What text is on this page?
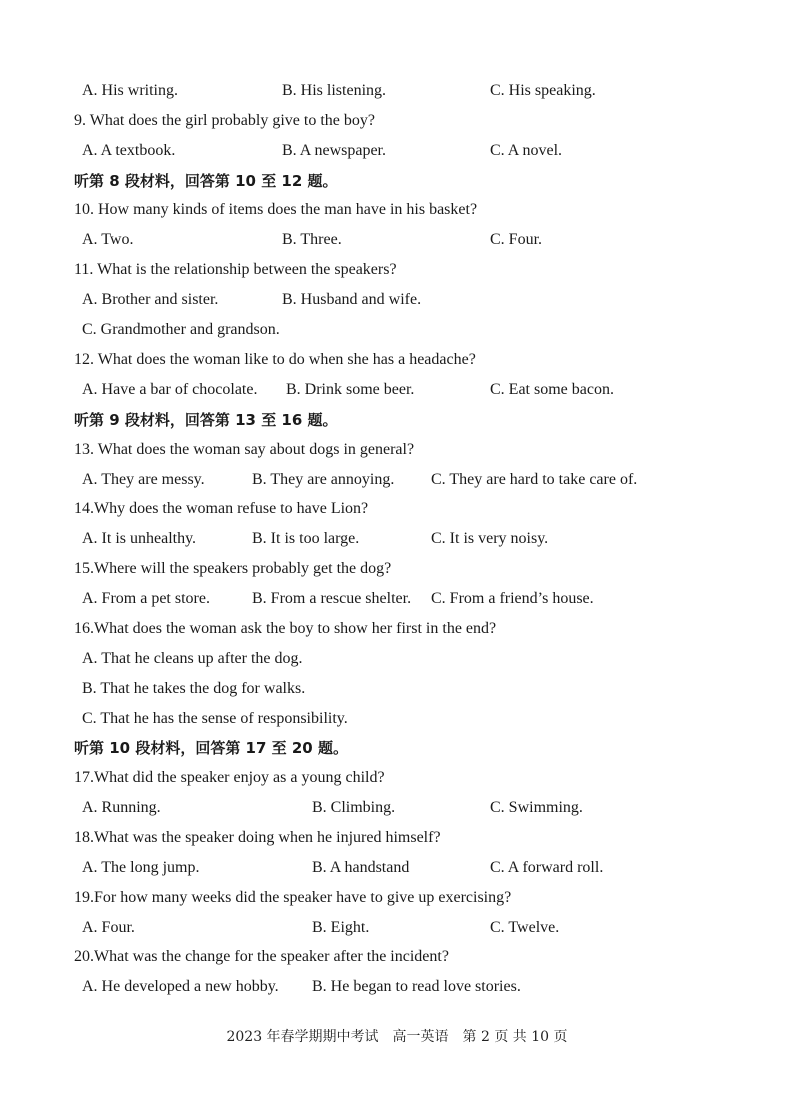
A. His writing.	B. His listening.	C. His speaking.
9. What does the girl probably give to the boy?
A. A textbook.	B. A newspaper.	C. A novel.
听第 8 段材料，回答第 10 至 12 题。
10. How many kinds of items does the man have in his basket?
A. Two.	B. Three.	C. Four.
11. What is the relationship between the speakers?
A. Brother and sister.	B. Husband and wife.
C. Grandmother and grandson.
12. What does the woman like to do when she has a headache?
A. Have a bar of chocolate. B. Drink some beer.	C. Eat some bacon.
听第 9 段材料，回答第 13 至 16 题。
13. What does the woman say about dogs in general?
A. They are messy.	B. They are annoying. C. They are hard to take care of.
14.Why does the woman refuse to have Lion?
A. It is unhealthy.	B. It is too large.	C. It is very noisy.
15.Where will the speakers probably get the dog?
A. From a pet store.	B. From a rescue shelter. C. From a friend’s house.
16.What does the woman ask the boy to show her first in the end?
A. That he cleans up after the dog.
B. That he takes the dog for walks.
C. That he has the sense of responsibility.
听第 10 段材料，回答第 17 至 20 题。
17.What did the speaker enjoy as a young child?
A. Running.	B. Climbing.	C. Swimming.
18.What was the speaker doing when he injured himself?
A. The long jump.	B. A handstand	C. A forward roll.
19.For how many weeks did the speaker have to give up exercising?
A. Four.	B. Eight.	C. Twelve.
20.What was the change for the speaker after the incident?
A. He developed a new hobby. B. He began to read love stories.
2023 年春学期期中考试　高一英语　第 2 页 共 10 页
